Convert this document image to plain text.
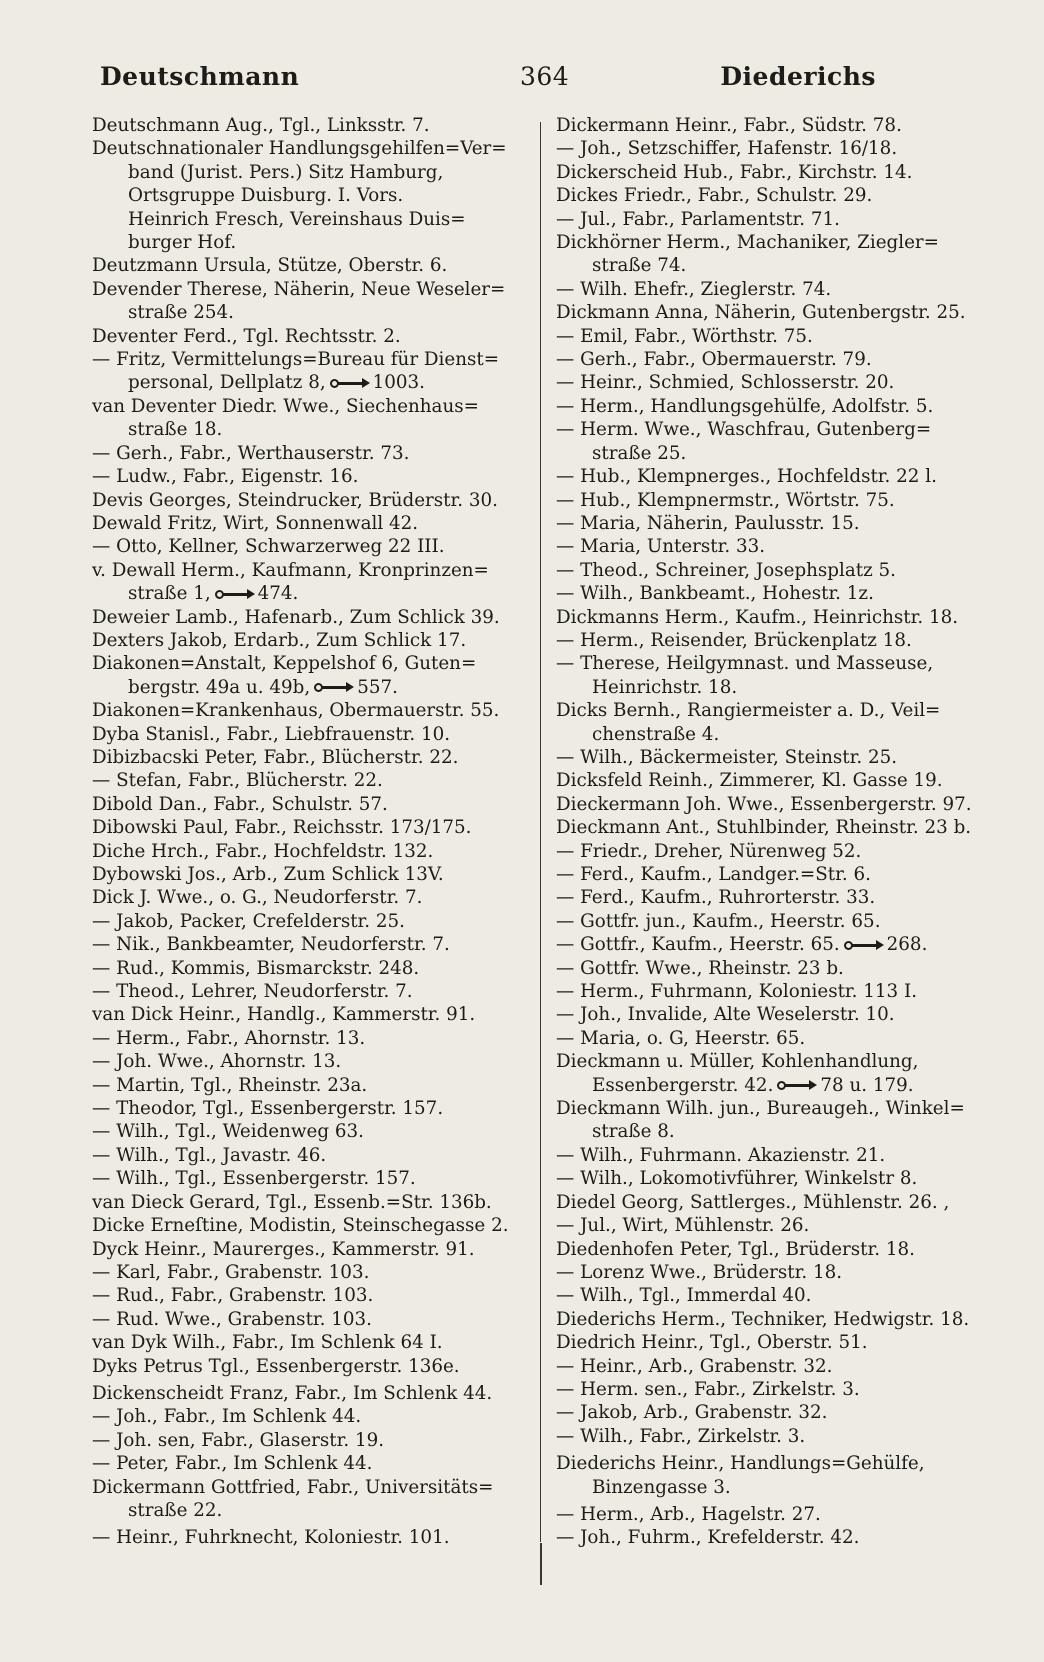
Deutschmann	364	Diederichs
Deutschmann Aug., Tgl., Linksstr. 7.
Deutschnationaler Handlungsgehilfen=Ver=
band (Jurist. Pers.) Sitz Hamburg,
Ortsgruppe Duisburg. I. Vors.
Heinrich Fresch, Vereinshaus Duis=
burger Hof.
Deutzmann Ursula, Stütze, Oberstr. 6.
Devender Therese, Näherin, Neue Weseler=
straße 254.
Deventer Ferd., Tgl. Rechtsstr. 2.
— Fritz, Vermittelungs=Bureau für Dienst=
personal, Dellplatz 8,	1003.
van Deventer Diedr. Wwe., Siechenhaus=
straße 18.
— Gerh., Fabr., Werthauserstr. 73.
— Ludw., Fabr., Eigenstr. 16.
Devis Georges, Steindrucker, Brüderstr. 30.
Dewald Fritz, Wirt, Sonnenwall 42.
— Otto, Kellner, Schwarzerweg 22 III.
v. Dewall Herm., Kaufmann, Kronprinzen=
straße 1,	474.
Deweier Lamb., Hafenarb., Zum Schlick 39.
Dexters Jakob, Erdarb., Zum Schlick 17.
Diakonen=Anstalt, Keppelshof 6, Guten=
bergstr. 49a u. 49b,	557.
Diakonen=Krankenhaus, Obermauerstr. 55.
Dyba Stanisl., Fabr., Liebfrauenstr. 10.
Dibizbacski Peter, Fabr., Blücherstr. 22.
— Stefan, Fabr., Blücherstr. 22.
Dibold Dan., Fabr., Schulstr. 57.
Dibowski Paul, Fabr., Reichsstr. 173/175.
Diche Hrch., Fabr., Hochfeldstr. 132.
Dybowski Jos., Arb., Zum Schlick 13V.
Dick J. Wwe., o. G., Neudorferstr. 7.
— Jakob, Packer, Crefelderstr. 25.
— Nik., Bankbeamter, Neudorferstr. 7.
— Rud., Kommis, Bismarckstr. 248.
— Theod., Lehrer, Neudorferstr. 7.
van Dick Heinr., Handlg., Kammerstr. 91.
— Herm., Fabr., Ahornstr. 13.
— Joh. Wwe., Ahornstr. 13.
— Martin, Tgl., Rheinstr. 23a.
— Theodor, Tgl., Essenbergerstr. 157.
— Wilh., Tgl., Weidenweg 63.
— Wilh., Tgl., Javastr. 46.
— Wilh., Tgl., Essenbergerstr. 157.
van Dieck Gerard, Tgl., Essenb.=Str. 136b.
Dicke Erneſtine, Modistin, Steinschegasse 2.
Dyck Heinr., Maurerges., Kammerstr. 91.
— Karl, Fabr., Grabenstr. 103.
— Rud., Fabr., Grabenstr. 103.
— Rud. Wwe., Grabenstr. 103.
van Dyk Wilh., Fabr., Im Schlenk 64 I.
Dyks Petrus Tgl., Essenbergerstr. 136e.
Dickenscheidt Franz, Fabr., Im Schlenk 44.
— Joh., Fabr., Im Schlenk 44.
— Joh. sen, Fabr., Glaserstr. 19.
— Peter, Fabr., Im Schlenk 44.
Dickermann Gottfried, Fabr., Universitäts=
straße 22.
— Heinr., Fuhrknecht, Koloniestr. 101.
Dickermann Heinr., Fabr., Südstr. 78.
— Joh., Setzschiffer, Hafenstr. 16/18.
Dickerscheid Hub., Fabr., Kirchstr. 14.
Dickes Friedr., Fabr., Schulstr. 29.
— Jul., Fabr., Parlamentstr. 71.
Dickhörner Herm., Machaniker, Ziegler=
straße 74.
— Wilh. Ehefr., Zieglerstr. 74.
Dickmann Anna, Näherin, Gutenbergstr. 25.
— Emil, Fabr., Wörthstr. 75.
— Gerh., Fabr., Obermauerstr. 79.
— Heinr., Schmied, Schlosserstr. 20.
— Herm., Handlungsgehülfe, Adolfstr. 5.
— Herm. Wwe., Waschfrau, Gutenberg=
straße 25.
— Hub., Klempnerges., Hochfeldstr. 22 l.
— Hub., Klempnermstr., Wörtstr. 75.
— Maria, Näherin, Paulusstr. 15.
— Maria, Unterstr. 33.
— Theod., Schreiner, Josephsplatz 5.
— Wilh., Bankbeamt., Hohestr. 1z.
Dickmanns Herm., Kaufm., Heinrichstr. 18.
— Herm., Reisender, Brückenplatz 18.
— Therese, Heilgymnast. und Masseuse,
Heinrichstr. 18.
Dicks Bernh., Rangiermeister a. D., Veil=
chenstraße 4.
— Wilh., Bäckermeister, Steinstr. 25.
Dicksfeld Reinh., Zimmerer, Kl. Gasse 19.
Dieckermann Joh. Wwe., Essenbergerstr. 97.
Dieckmann Ant., Stuhlbinder, Rheinstr. 23 b.
— Friedr., Dreher, Nürenweg 52.
— Ferd., Kaufm., Landger.=Str. 6.
— Ferd., Kaufm., Ruhrorterstr. 33.
— Gottfr. jun., Kaufm., Heerstr. 65.
— Gottfr., Kaufm., Heerstr. 65.	268.
— Gottfr. Wwe., Rheinstr. 23 b.
— Herm., Fuhrmann, Koloniestr. 113 I.
— Joh., Invalide, Alte Weselerstr. 10.
— Maria, o. G, Heerstr. 65.
Dieckmann u. Müller, Kohlenhandlung,
Essenbergerstr. 42.	78 u. 179.
Dieckmann Wilh. jun., Bureaugeh., Winkel=
straße 8.
— Wilh., Fuhrmann. Akazienstr. 21.
— Wilh., Lokomotivführer, Winkelstr 8.
Diedel Georg, Sattlerges., Mühlenstr. 26. ,
— Jul., Wirt, Mühlenstr. 26.
Diedenhofen Peter, Tgl., Brüderstr. 18.
— Lorenz Wwe., Brüderstr. 18.
— Wilh., Tgl., Immerdal 40.
Diederichs Herm., Techniker, Hedwigstr. 18.
Diedrich Heinr., Tgl., Oberstr. 51.
— Heinr., Arb., Grabenstr. 32.
— Herm. sen., Fabr., Zirkelstr. 3.
— Jakob, Arb., Grabenstr. 32.
— Wilh., Fabr., Zirkelstr. 3.
Diederichs Heinr., Handlungs=Gehülfe,
Binzengasse 3.
— Herm., Arb., Hagelstr. 27.
— Joh., Fuhrm., Krefelderstr. 42.
